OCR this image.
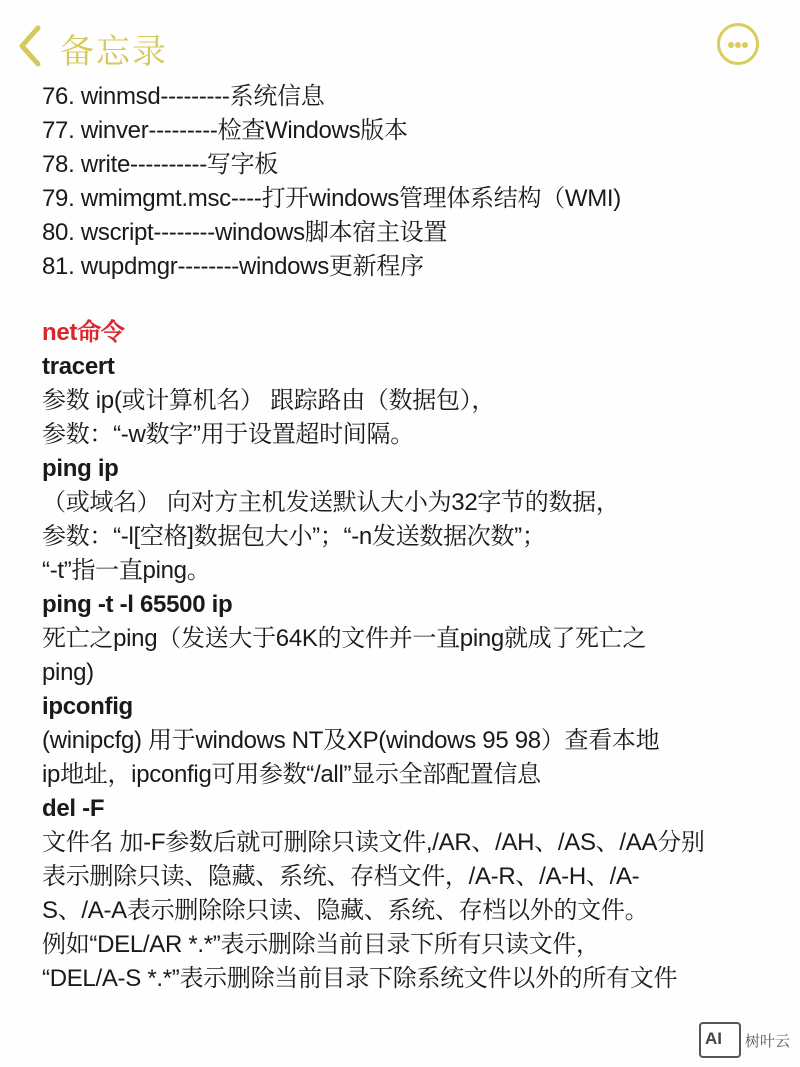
备忘录
76. winmsd---------系统信息
77. winver---------检查Windows版本
78. write----------写字板
79. wmimgmt.msc----打开windows管理体系结构（WMI)
80. wscript--------windows脚本宿主设置
81. wupdmgr--------windows更新程序
net命令
tracert
参数 ip(或计算机名） 跟踪路由（数据包），
参数：“-w数字”用于设置超时间隔。
ping ip
（或域名） 向对方主机发送默认大小为32字节的数据，
参数：“-l[空格]数据包大小”；“-n发送数据次数”；
“-t”指一直ping。
ping -t -l 65500 ip
死亡之ping（发送大于64K的文件并一直ping就成了死亡之
ping)
ipconfig
(winipcfg) 用于windows NT及XP(windows 95 98）查看本地
ip地址，ipconfig可用参数“/all”显示全部配置信息
del -F
文件名 加-F参数后就可删除只读文件,/AR、/AH、/AS、/AA分别
表示删除只读、隐藏、系统、存档文件，/A-R、/A-H、/A-
S、/A-A表示删除除只读、隐藏、系统、存档以外的文件。
例如“DEL/AR *.*”表示删除当前目录下所有只读文件，
“DEL/A-S *.*”表示删除当前目录下除系统文件以外的所有文件
AI	树叶云
